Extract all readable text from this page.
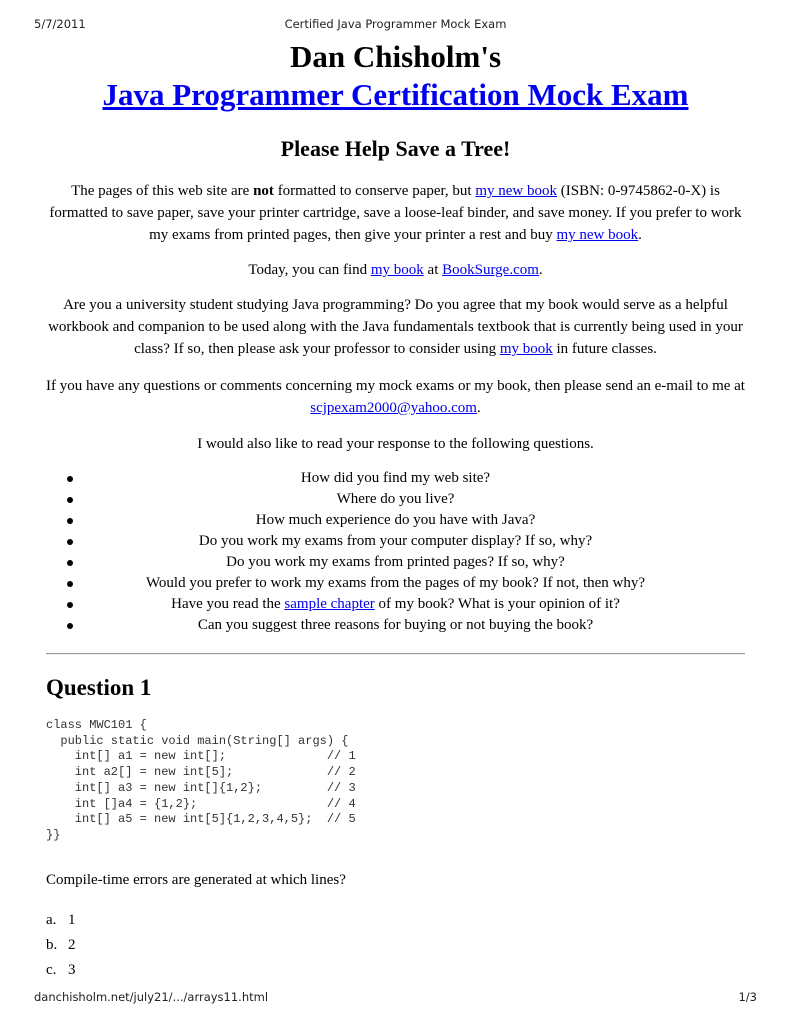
5/7/2011	Certified Java Programmer Mock Exam
Dan Chisholm's
Java Programmer Certification Mock Exam
Please Help Save a Tree!
The pages of this web site are not formatted to conserve paper, but my new book (ISBN: 0-9745862-0-X) is formatted to save paper, save your printer cartridge, save a loose-leaf binder, and save money. If you prefer to work my exams from printed pages, then give your printer a rest and buy my new book.
Today, you can find my book at BookSurge.com.
Are you a university student studying Java programming? Do you agree that my book would serve as a helpful workbook and companion to be used along with the Java fundamentals textbook that is currently being used in your class? If so, then please ask your professor to consider using my book in future classes.
If you have any questions or comments concerning my mock exams or my book, then please send an e-mail to me at scjpexam2000@yahoo.com.
I would also like to read your response to the following questions.
How did you find my web site?
Where do you live?
How much experience do you have with Java?
Do you work my exams from your computer display? If so, why?
Do you work my exams from printed pages? If so, why?
Would you prefer to work my exams from the pages of my book? If not, then why?
Have you read the sample chapter of my book? What is your opinion of it?
Can you suggest three reasons for buying or not buying the book?
Question 1
class MWC101 {
public static void main(String[] args) {
int[] a1 = new int[];              // 1
int a2[] = new int[5];             // 2
int[] a3 = new int[]{1,2};         // 3
int []a4 = {1,2};                  // 4
int[] a5 = new int[5]{1,2,3,4,5};  // 5
}}
Compile-time errors are generated at which lines?
a. 1
b. 2
c. 3
danchisholm.net/july21/.../arrays11.html	1/3
